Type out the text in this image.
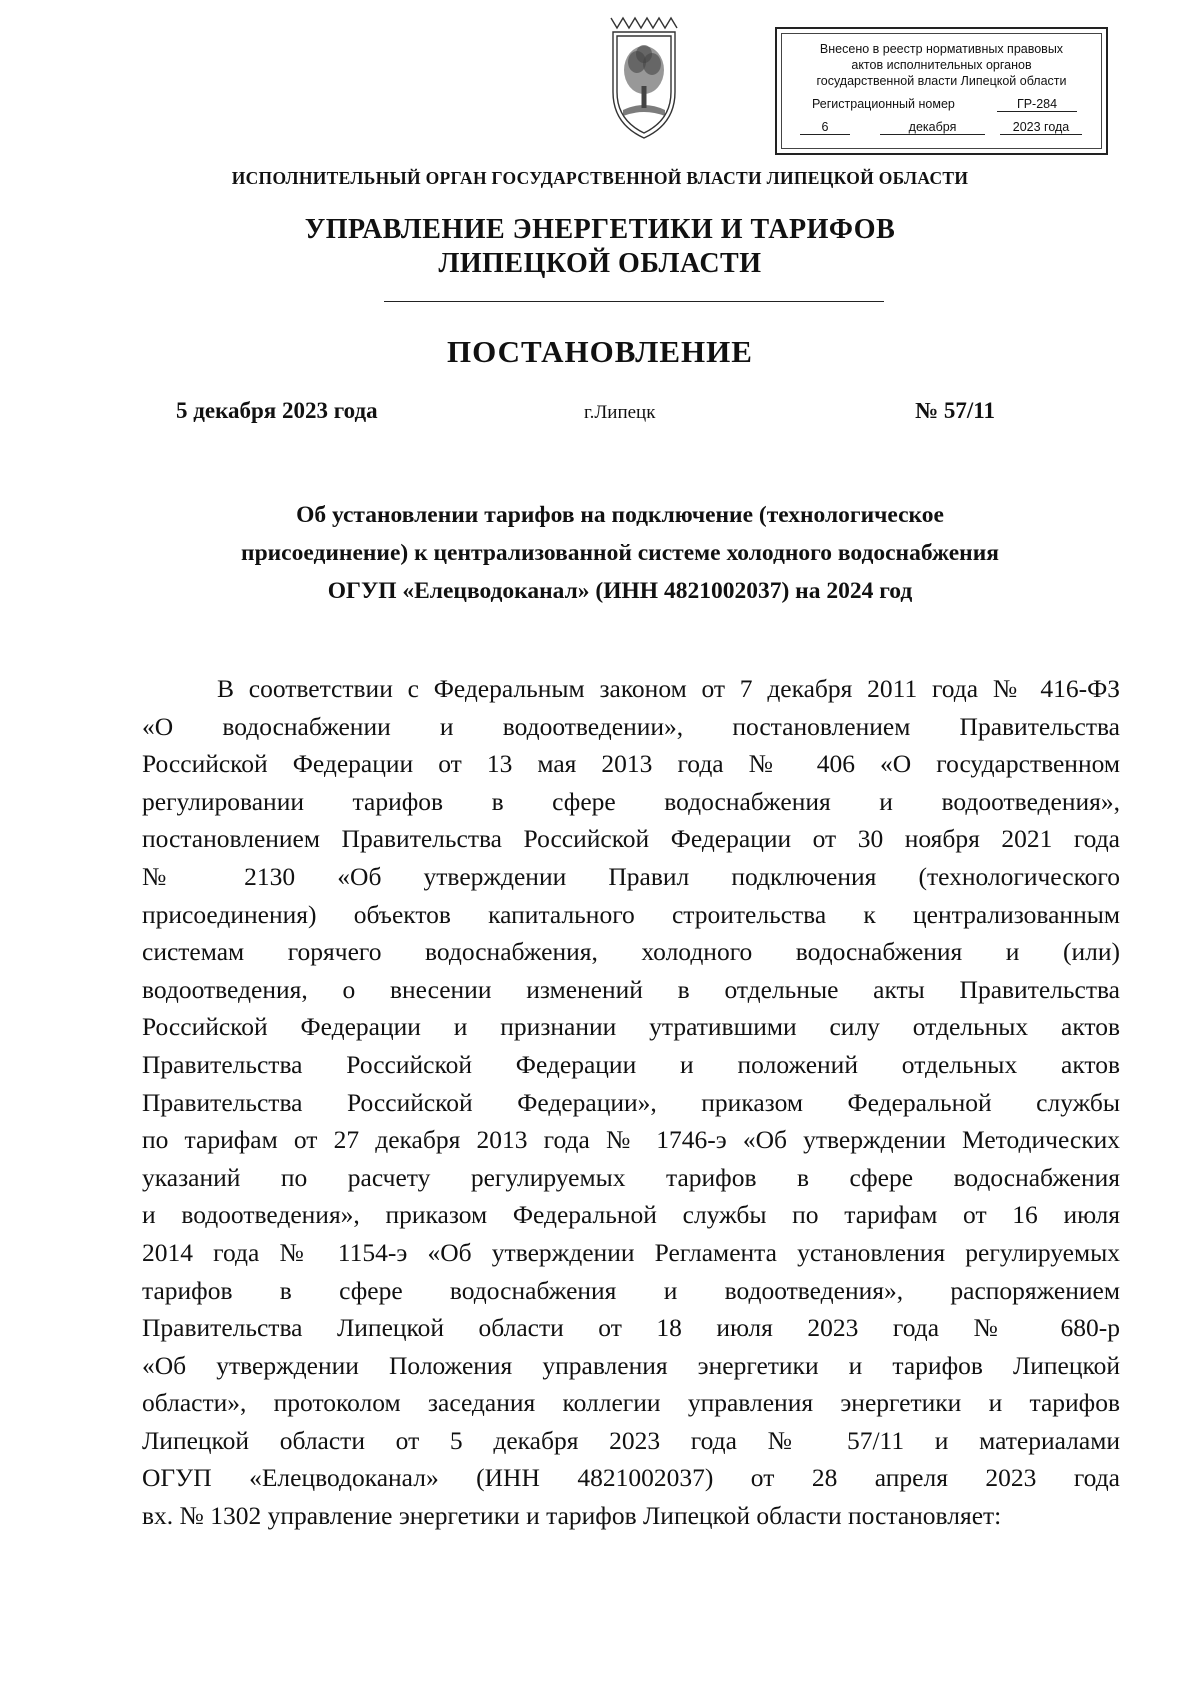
Внесено в реестр нормативных правовых
актов исполнительных органов
государственной власти Липецкой области
Регистрационный номер	ГР-284
6	декабря	2023 года
ИСПОЛНИТЕЛЬНЫЙ ОРГАН ГОСУДАРСТВЕННОЙ ВЛАСТИ ЛИПЕЦКОЙ ОБЛАСТИ
УПРАВЛЕНИЕ ЭНЕРГЕТИКИ И ТАРИФОВ
ЛИПЕЦКОЙ ОБЛАСТИ
ПОСТАНОВЛЕНИЕ
5 декабря 2023 года	г.Липецк	№ 57/11
Об установлении тарифов на подключение (технологическое
присоединение) к централизованной системе холодного водоснабжения
ОГУП «Елецводоканал» (ИНН 4821002037) на 2024 год
В соответствии с Федеральным законом от 7 декабря 2011 года № 416-ФЗ
«О водоснабжении и водоотведении», постановлением Правительства
Российской Федерации от 13 мая 2013 года № 406 «О государственном
регулировании тарифов в сфере водоснабжения и водоотведения»,
постановлением Правительства Российской Федерации от 30 ноября 2021 года
№ 2130 «Об утверждении Правил подключения (технологического
присоединения) объектов капитального строительства к централизованным
системам горячего водоснабжения, холодного водоснабжения и (или)
водоотведения, о внесении изменений в отдельные акты Правительства
Российской Федерации и признании утратившими силу отдельных актов
Правительства Российской Федерации и положений отдельных актов
Правительства Российской Федерации», приказом Федеральной службы
по тарифам от 27 декабря 2013 года № 1746-э «Об утверждении Методических
указаний по расчету регулируемых тарифов в сфере водоснабжения
и водоотведения», приказом Федеральной службы по тарифам от 16 июля
2014 года № 1154-э «Об утверждении Регламента установления регулируемых
тарифов в сфере водоснабжения и водоотведения», распоряжением
Правительства Липецкой области от 18 июля 2023 года № 680-р
«Об утверждении Положения управления энергетики и тарифов Липецкой
области», протоколом заседания коллегии управления энергетики и тарифов
Липецкой области от 5 декабря 2023 года № 57/11 и материалами
ОГУП «Елецводоканал» (ИНН 4821002037) от 28 апреля 2023 года
вх. № 1302 управление энергетики и тарифов Липецкой области постановляет:
